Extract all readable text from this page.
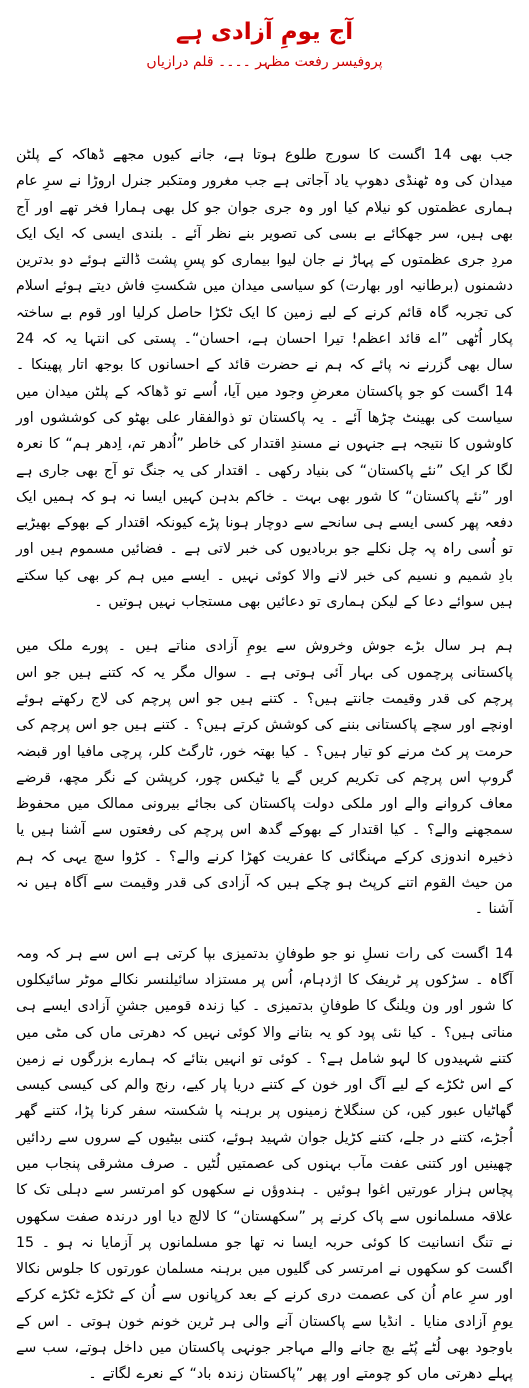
آج یومِ آزادی ہے
پروفیسر رفعت مظہر ۔۔۔۔ قلم درازیاں

جب بھی 14 اگست کا سورج طلوع ہوتا ہے، جانے کیوں مجھے ڈھاکہ کے پلٹن میدان کی وہ ٹھنڈی دھوپ یاد آجاتی ہے جب مغرور ومتکبر جنرل اروڑا نے سرِ عام ہماری عظمتوں کو نیلام کیا اور وہ جری جوان جو کل بھی ہمارا فخر تھے اور آج بھی ہیں، سر جھکائے بے بسی کی تصویر بنے نظر آئے ۔ بلندی ایسی کہ ایک ایک مردِ جری عظمتوں کے پہاڑ نے جان لیوا بیماری کو پسِ پشت ڈالتے ہوئے دو بدترین دشمنوں (برطانیہ اور بھارت) کو سیاسی میدان میں شکستِ فاش دیتے ہوئے اسلام کی تجربہ گاہ قائم کرنے کے لیے زمین کا ایک ٹکڑا حاصل کرلیا اور قوم بے ساختہ پکار اُٹھی ”اے قائد اعظم! تیرا احسان ہے، احسان“۔ پستی کی انتہا یہ کہ 24 سال بھی گزرنے نہ پائے کہ ہم نے حضرت قائد کے احسانوں کا بوجھ اتار پھینکا ۔ 14 اگست کو جو پاکستان معرضِ وجود میں آیا، اُسے تو ڈھاکہ کے پلٹن میدان میں سیاست کی بھینٹ چڑھا آئے ۔ یہ پاکستان تو ذوالفقار علی بھٹو کی کوششوں اور کاوشوں کا نتیجہ ہے جنہوں نے مسندِ اقتدار کی خاطر ”اُدھر تم، اِدھر ہم“ کا نعرہ لگا کر ایک ”نئے پاکستان“ کی بنیاد رکھی ۔ اقتدار کی یہ جنگ تو آج بھی جاری ہے اور ”نئے پاکستان“ کا شور بھی بہت ۔ خاکم بدہن کہیں ایسا نہ ہو کہ ہمیں ایک دفعہ پھر کسی ایسے ہی سانحے سے دوچار ہونا پڑے کیونکہ اقتدار کے بھوکے بھیڑیے تو اُسی راہ پہ چل نکلے جو بربادیوں کی خبر لاتی ہے ۔ فضائیں مسموم ہیں اور بادِ شمیم و نسیم کی خبر لانے والا کوئی نہیں ۔ ایسے میں ہم کر بھی کیا سکتے ہیں سوائے دعا کے لیکن ہماری تو دعائیں بھی مستجاب نہیں ہوتیں ۔

ہم ہر سال بڑے جوش وخروش سے یومِ آزادی مناتے ہیں ۔ پورے ملک میں پاکستانی پرچموں کی بہار آئی ہوتی ہے ۔ سوال مگر یہ کہ کتنے ہیں جو اس پرچم کی قدر وقیمت جانتے ہیں؟ ۔ کتنے ہیں جو اس پرچم کی لاج رکھتے ہوئے اونچے اور سچے پاکستانی بننے کی کوشش کرتے ہیں؟ ۔ کتنے ہیں جو اس پرچم کی حرمت پر کٹ مرنے کو تیار ہیں؟ ۔ کیا بھتہ خور، ٹارگٹ کلر، پرچی مافیا اور قبضہ گروپ اس پرچم کی تکریم کریں گے یا ٹیکس چور، کرپشن کے نگر مچھ، قرضے معاف کروانے والے اور ملکی دولت پاکستان کی بجائے بیرونی ممالک میں محفوظ سمجھنے والے؟ ۔ کیا اقتدار کے بھوکے گدھ اس پرچم کی رفعتوں سے آشنا ہیں یا ذخیرہ اندوزی کرکے مہنگائی کا عفریت کھڑا کرنے والے؟ ۔ کڑوا سچ یہی کہ ہم من حیث القوم اتنے کرپٹ ہو چکے ہیں کہ آزادی کی قدر وقیمت سے آگاہ ہیں نہ آشنا ۔

14 اگست کی رات نسلِ نو جو طوفانِ بدتمیزی بپا کرتی ہے اس سے ہر کہ ومہ آگاہ ۔ سڑکوں پر ٹریفک کا اژدہام، اُس پر مستزاد سائیلنسر نکالے موٹر سائیکلوں کا شور اور ون ویلنگ کا طوفانِ بدتمیزی ۔ کیا زندہ قومیں جشنِ آزادی ایسے ہی مناتی ہیں؟ ۔ کیا نئی پود کو یہ بتانے والا کوئی نہیں کہ دھرتی ماں کی مٹی میں کتنے شہیدوں کا لہو شامل ہے؟ ۔ کوئی تو انہیں بتائے کہ ہمارے بزرگوں نے زمین کے اس ٹکڑے کے لیے آگ اور خون کے کتنے دریا پار کیے، رنج والم کی کیسی کیسی گھاٹیاں عبور کیں، کن سنگلاخ زمینوں پر برہنہ پا شکستہ سفر کرنا پڑا، کتنے گھر اُجڑے، کتنے در جلے، کتنے کڑیل جوان شہید ہوئے، کتنی بیٹیوں کے سروں سے ردائیں چھینیں اور کتنی عفت مآب بہنوں کی عصمتیں لُٹیں ۔ صرف مشرقی پنجاب میں پچاس ہزار عورتیں اغوا ہوئیں ۔ ہندوؤں نے سکھوں کو امرتسر سے دہلی تک کا علاقہ مسلمانوں سے پاک کرنے پر ”سکھستان“ کا لالچ دیا اور درندہ صفت سکھوں نے تنگ انسانیت کا کوئی حربہ ایسا نہ تھا جو مسلمانوں پر آزمایا نہ ہو ۔ 15 اگست کو سکھوں نے امرتسر کی گلیوں میں برہنہ مسلمان عورتوں کا جلوس نکالا اور سرِ عام اُن کی عصمت دری کرنے کے بعد کرپانوں سے اُن کے ٹکڑے ٹکڑے کرکے یومِ آزادی منایا ۔ انڈیا سے پاکستان آنے والی ہر ٹرین خونم خون ہوتی ۔ اس کے باوجود بھی لُٹے پُٹے بچ جانے والے مہاجر جونہی پاکستان میں داخل ہوتے، سب سے پہلے دھرتی ماں کو چومتے اور پھر ”پاکستان زندہ باد“ کے نعرے لگاتے ۔
